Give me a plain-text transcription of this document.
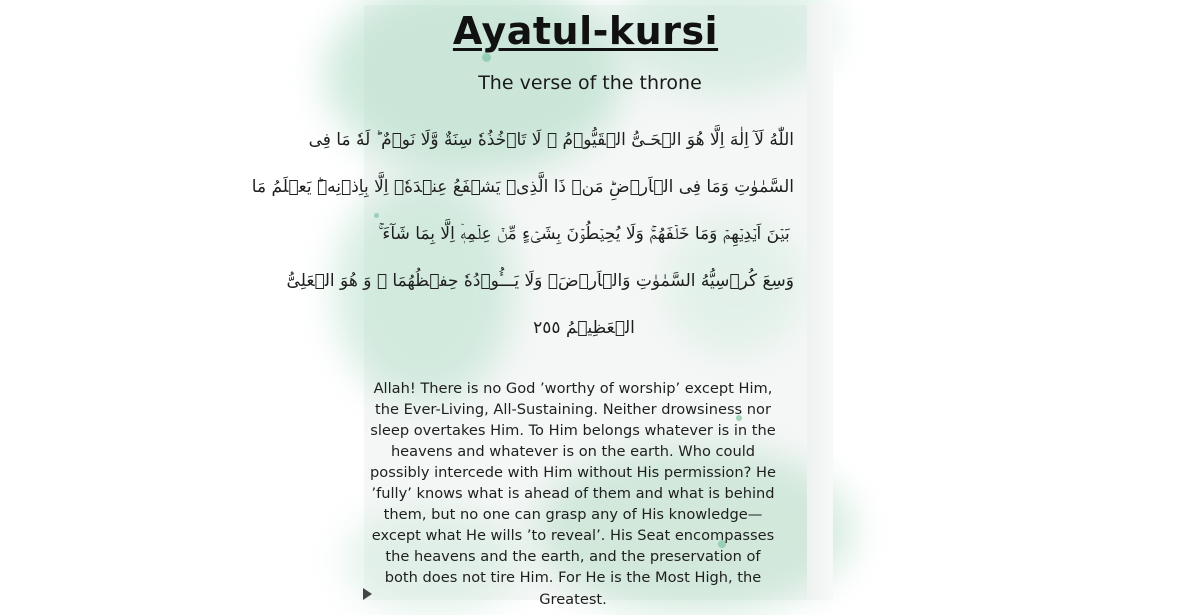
Ayatul-kursi
The verse of the throne
اللّٰهُ لَآ اِلٰهَ اِلَّا هُوَ الۡحَـىُّ الۡقَيُّوۡمُ ۚ لَا تَاۡخُذُهٗ سِنَةٌ وَّلَا نَوۡمٌ ‌ؕ لَهٗ مَا فِى
السَّمٰوٰتِ وَمَا فِى الۡاَرۡضِ‌ؕ مَنۡ ذَا الَّذِىۡ يَشۡفَعُ عِنۡدَهٗۤ اِلَّا بِاِذۡنِهٖ‌ؕ يَعۡلَمُ مَا
بَيۡنَ اَيۡدِيۡهِمۡ وَمَا خَلۡفَهُمۡ‌ۚ وَلَا يُحِيۡطُوۡنَ بِشَىۡءٍ مِّنۡ عِلۡمِهٖۤ اِلَّا بِمَا شَآءَ ۚ
وَسِعَ كُرۡسِيُّهُ السَّمٰوٰتِ وَالۡاَرۡضَ‌ۚ وَلَا يَـــُٔوۡدُهٗ حِفۡظُهُمَا ‌ۚ وَ هُوَ الۡعَلِىُّ
الۡعَظِيۡمُ ٢٥٥

Allah! There is no God ’worthy of worship’ except Him, the Ever-Living, All-Sustaining. Neither drowsiness nor sleep overtakes Him. To Him belongs whatever is in the heavens and whatever is on the earth. Who could possibly intercede with Him without His permission? He ’fully’ knows what is ahead of them and what is behind them, but no one can grasp any of His knowledge—except what He wills ’to reveal’. His Seat encompasses the heavens and the earth, and the preservation of both does not tire Him. For He is the Most High, the Greatest.
